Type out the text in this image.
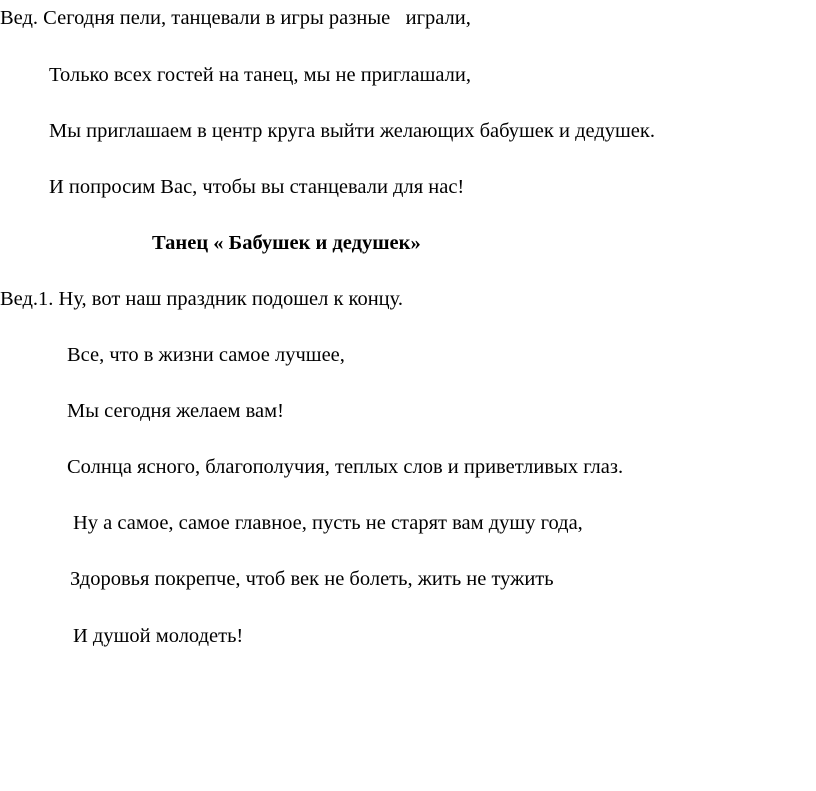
Вед. Сегодня пели, танцевали в игры разные   играли,

Только всех гостей на танец, мы не приглашали,

Мы приглашаем в центр круга выйти желающих бабушек и дедушек.

И попросим Вас, чтобы вы станцевали для нас!

Танец « Бабушек и дедушек»

Вед.1. Ну, вот наш праздник подошел к концу.

Все, что в жизни самое лучшее,

Мы сегодня желаем вам!

Солнца ясного, благополучия, теплых слов и приветливых глаз.

Ну а самое, самое главное, пусть не старят вам душу года,

Здоровья покрепче, чтоб век не болеть, жить не тужить

И душой молодеть!
